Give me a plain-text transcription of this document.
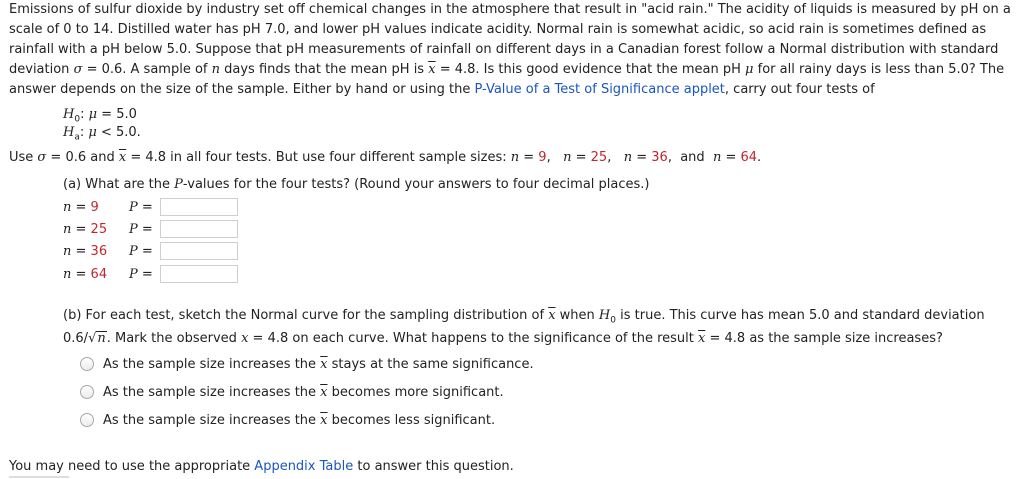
Emissions of sulfur dioxide by industry set off chemical changes in the atmosphere that result in "acid rain." The acidity of liquids is measured by pH on a scale of 0 to 14. Distilled water has pH 7.0, and lower pH values indicate acidity. Normal rain is somewhat acidic, so acid rain is sometimes defined as rainfall with a pH below 5.0. Suppose that pH measurements of rainfall on different days in a Canadian forest follow a Normal distribution with standard deviation σ = 0.6. A sample of n days finds that the mean pH is $\overline{x} = 4.8$. Is this good evidence that the mean pH μ for all rainy days is less than 5.0? The answer depends on the size of the sample. Either by hand or using the P-Value of a Test of Significance applet, carry out four tests of

$H_0$: μ = 5.0
$H_a$: μ < 5.0.
Use σ = 0.6 and $\overline{x} = 4.8$ in all four tests. But use four different sample sizes: n = 9,   n = 25,   n = 36,  and n = 64.
(a) What are the P-values for the four tests? (Round your answers to four decimal places.)
n = 9 P =
n = 25 P =
n = 36 P =
n = 64 P =
(b) For each test, sketch the Normal curve for the sampling distribution of $\overline{x}$ when $H_0$ is true. This curve has mean 5.0 and standard deviation
0.6/√n. Mark the observed x = 4.8 on each curve. What happens to the significance of the result $\overline{x} = 4.8$ as the sample size increases?
As the sample size increases the $\overline{x}$ stays at the same significance.
As the sample size increases the $\overline{x}$ becomes more significant.
As the sample size increases the $\overline{x}$ becomes less significant.
You may need to use the appropriate Appendix Table to answer this question.
